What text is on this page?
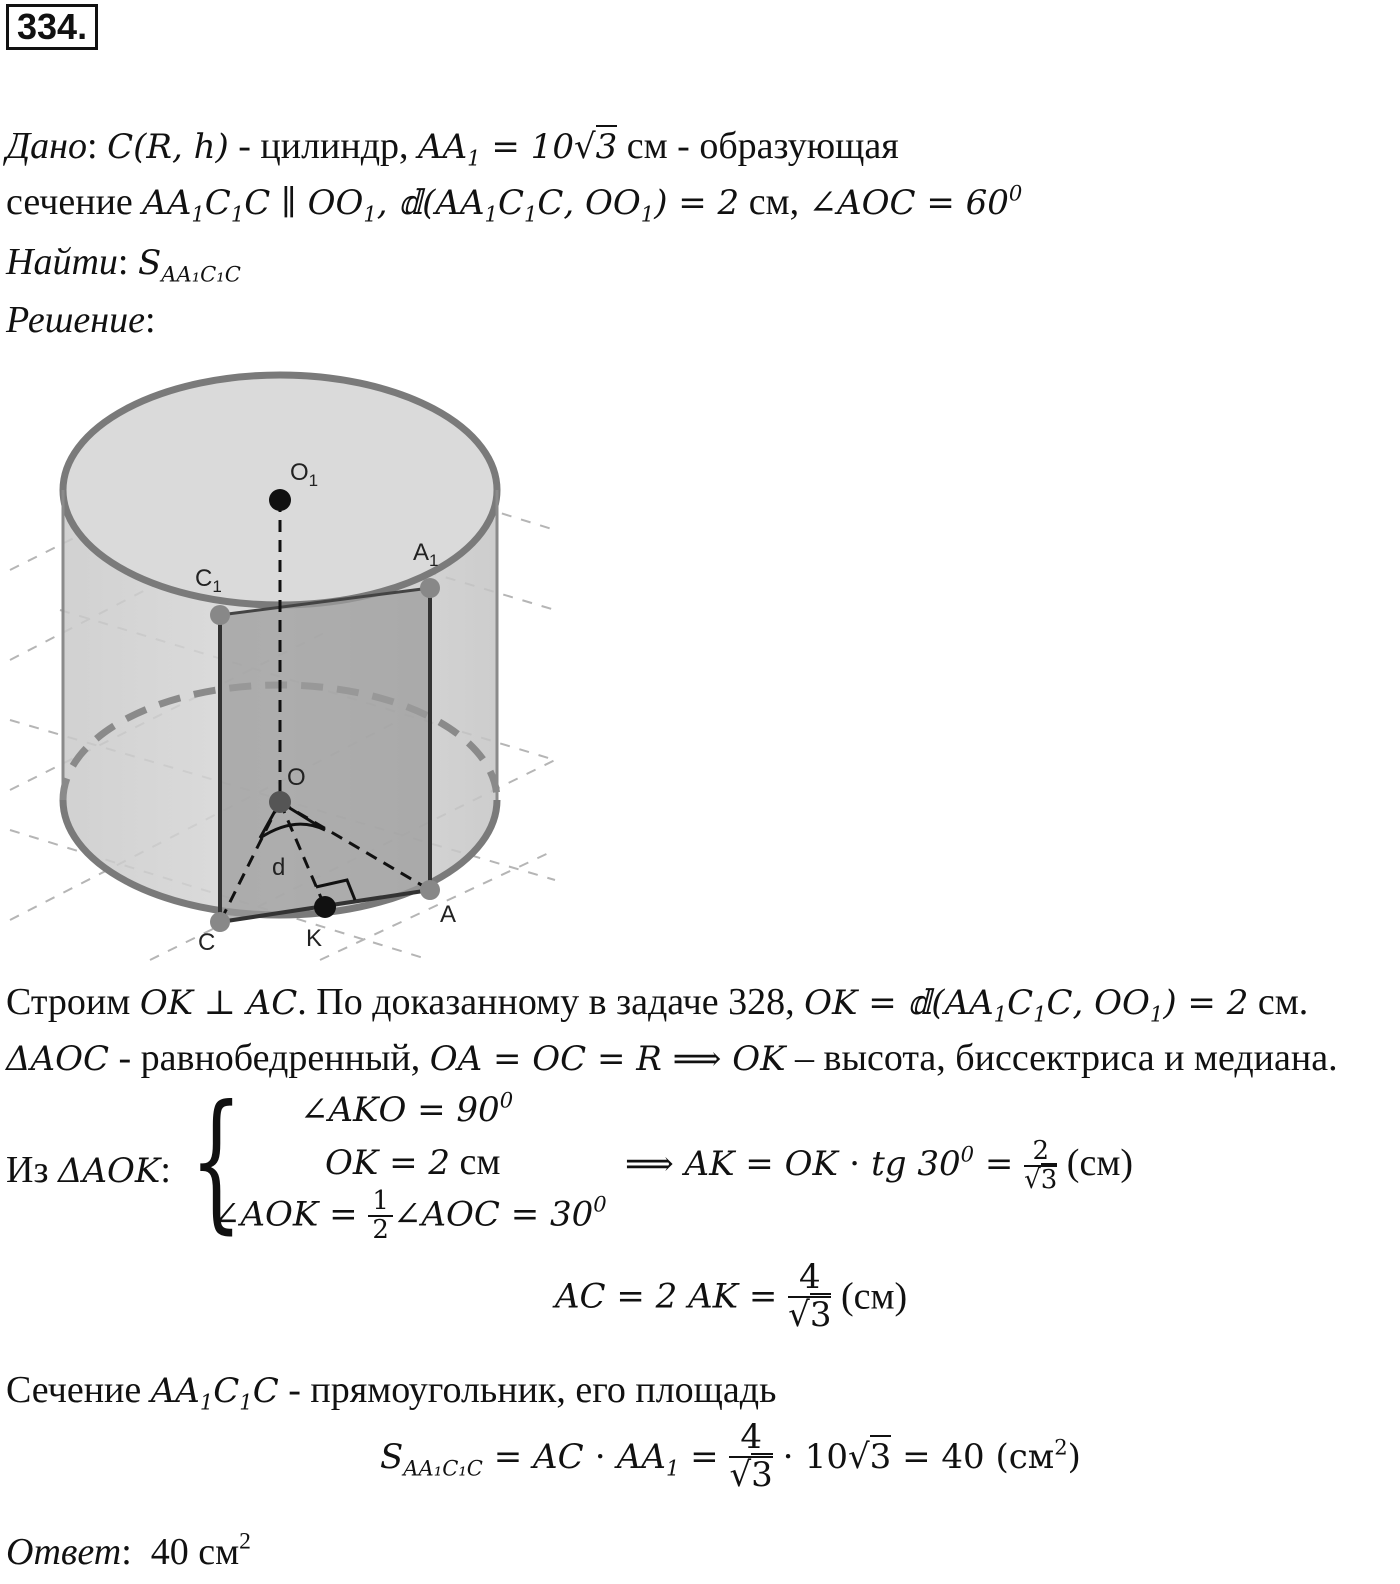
334.
Дано: 𝐶(𝑅, ℎ) - цилиндр, 𝐴𝐴$_1$ = 10√3 см - образующая
сечение 𝐴𝐴$_1$𝐶$_1$𝐶 ∥ 𝑂𝑂$_1$, 𝕕(𝐴𝐴$_1$𝐶$_1$𝐶, 𝑂𝑂$_1$) = 2 см, ∠𝐴𝑂𝐶 = $60^0$
Найти: 𝑆$_{𝐴𝐴_1𝐶_1𝐶}$
Решение:
$O_1$
$A_1$
$C_1$
O
d
A
C	K
Строим 𝑂𝐾 ⊥ 𝐴𝐶. По доказанному в задаче 328, 𝑂𝐾 = 𝕕(𝐴𝐴$_1$𝐶$_1$𝐶, 𝑂𝑂$_1$) = 2 см.
Δ𝐴𝑂𝐶 - равнобедренный, 𝑂𝐴 = 𝑂𝐶 = 𝑅 ⟹ 𝑂𝐾 – высота, биссектриса и медиана.
Из Δ𝐴𝑂𝐾: { ∠𝐴𝐾𝑂 = $90^0$
𝑂𝐾 = 2 см
∠𝐴𝑂𝐾 = $\frac{1}{2}$ ∠𝐴𝑂𝐶 = $30^0$
⟹ 𝐴𝐾 = 𝑂𝐾 ⋅ 𝑡𝑔 $30^0 = \frac{2}{√3} (см)$
𝐴𝐶 = 2 𝐴𝐾 = $\frac{4}{√3} (см)$
Сечение 𝐴𝐴$_1$𝐶$_1$𝐶 - прямоугольник, его площадь
𝑆$_{𝐴𝐴_1𝐶_1𝐶}$ = 𝐴𝐶 ⋅ 𝐴𝐴$_1$ = $\frac{4}{√3} \cdot 10√3 = 40$ $(см^2)$
Ответ:  40 $см^2$
